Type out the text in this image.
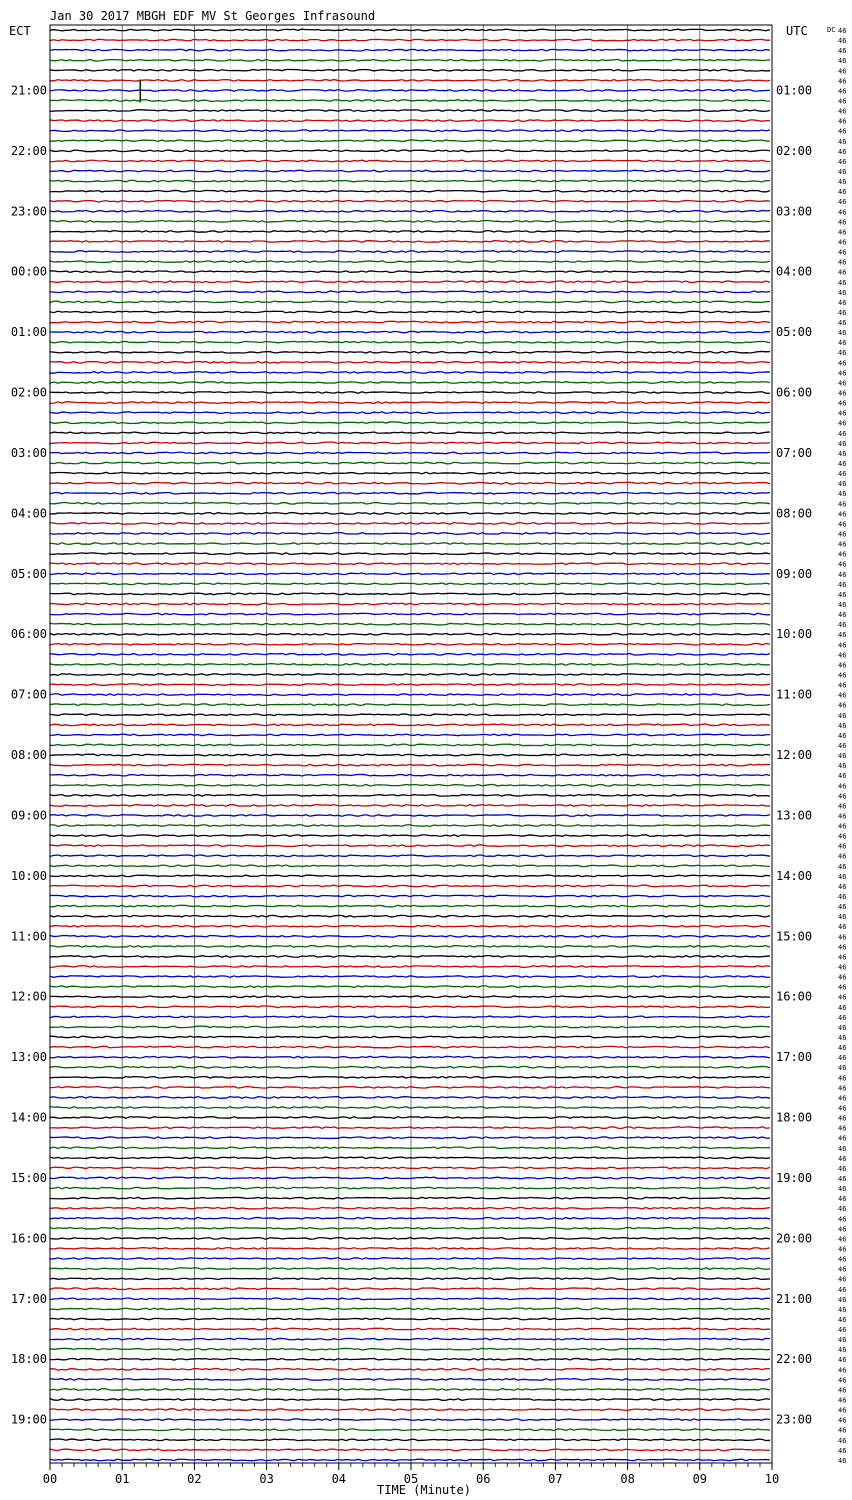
Jan 30 2017 MBGH EDF MV St Georges Infrasound
ECT	UTC	DC
21:00
22:00
23:00
00:00
01:00
02:00
03:00
04:00
05:00
06:00
07:00
08:00
09:00
10:00
11:00
12:00
13:00
14:00
15:00
16:00
17:00
18:00
19:00
01:00
02:00
03:00
04:00
05:00
06:00
07:00
08:00
09:00
10:00
11:00
12:00
13:00
14:00
15:00
16:00
17:00
18:00
19:00
20:00
21:00
22:00
23:00
46
46
46
46
46
46
46
46
46
46
46
46
46
46
46
46
46
46
46
46
46
46
46
46
46
46
46
46
46
46
46
46
46
46
46
46
46
46
46
46
46
46
46
46
46
46
46
46
46
46
46
46
46
46
46
46
46
46
46
46
46
46
46
46
46
46
46
46
46
46
46
46
46
46
46
46
46
46
46
46
46
46
46
46
46
46
46
46
46
46
46
46
46
46
46
46
46
46
46
46
46
46
46
46
46
46
46
46
46
46
46
46
46
46
46
46
46
46
46
46
46
46
46
46
46
46
46
46
46
46
46
46
46
46
46
46
46
46
46
46
46
46
46
00	01	02	03	04	05	06	07	08	09	10
TIME (Minute)
